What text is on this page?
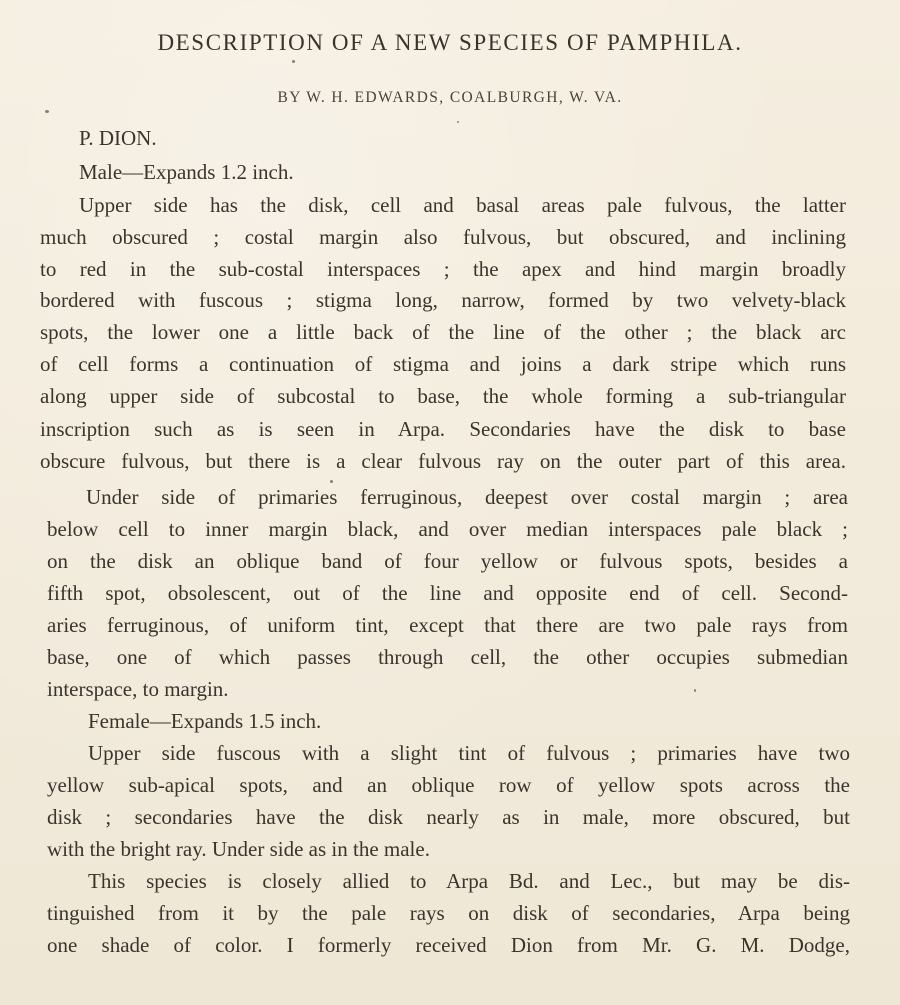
DESCRIPTION OF A NEW SPECIES OF PAMPHILA.
BY W. H. EDWARDS, COALBURGH, W. VA.
P. DION.
Male—Expands 1.2 inch.
Upper side has the disk, cell and basal areas pale fulvous, the latter
much obscured ; costal margin also fulvous, but obscured, and inclining
to red in the sub-costal interspaces ; the apex and hind margin broadly
bordered with fuscous ; stigma long, narrow, formed by two velvety-black
spots, the lower one a little back of the line of the other ; the black arc
of cell forms a continuation of stigma and joins a dark stripe which runs
along upper side of subcostal to base, the whole forming a sub-triangular
inscription such as is seen in Arpa. Secondaries have the disk to base
obscure fulvous, but there is a clear fulvous ray on the outer part of this area.
Under side of primaries ferruginous, deepest over costal margin ; area
below cell to inner margin black, and over median interspaces pale black ;
on the disk an oblique band of four yellow or fulvous spots, besides a
fifth spot, obsolescent, out of the line and opposite end of cell. Second-
aries ferruginous, of uniform tint, except that there are two pale rays from
base, one of which passes through cell, the other occupies submedian
interspace, to margin.
Female—Expands 1.5 inch.
Upper side fuscous with a slight tint of fulvous ; primaries have two
yellow sub-apical spots, and an oblique row of yellow spots across the
disk ; secondaries have the disk nearly as in male, more obscured, but
with the bright ray. Under side as in the male.
This species is closely allied to Arpa Bd. and Lec., but may be dis-
tinguished from it by the pale rays on disk of secondaries, Arpa being
one shade of color. I formerly received Dion from Mr. G. M. Dodge,
